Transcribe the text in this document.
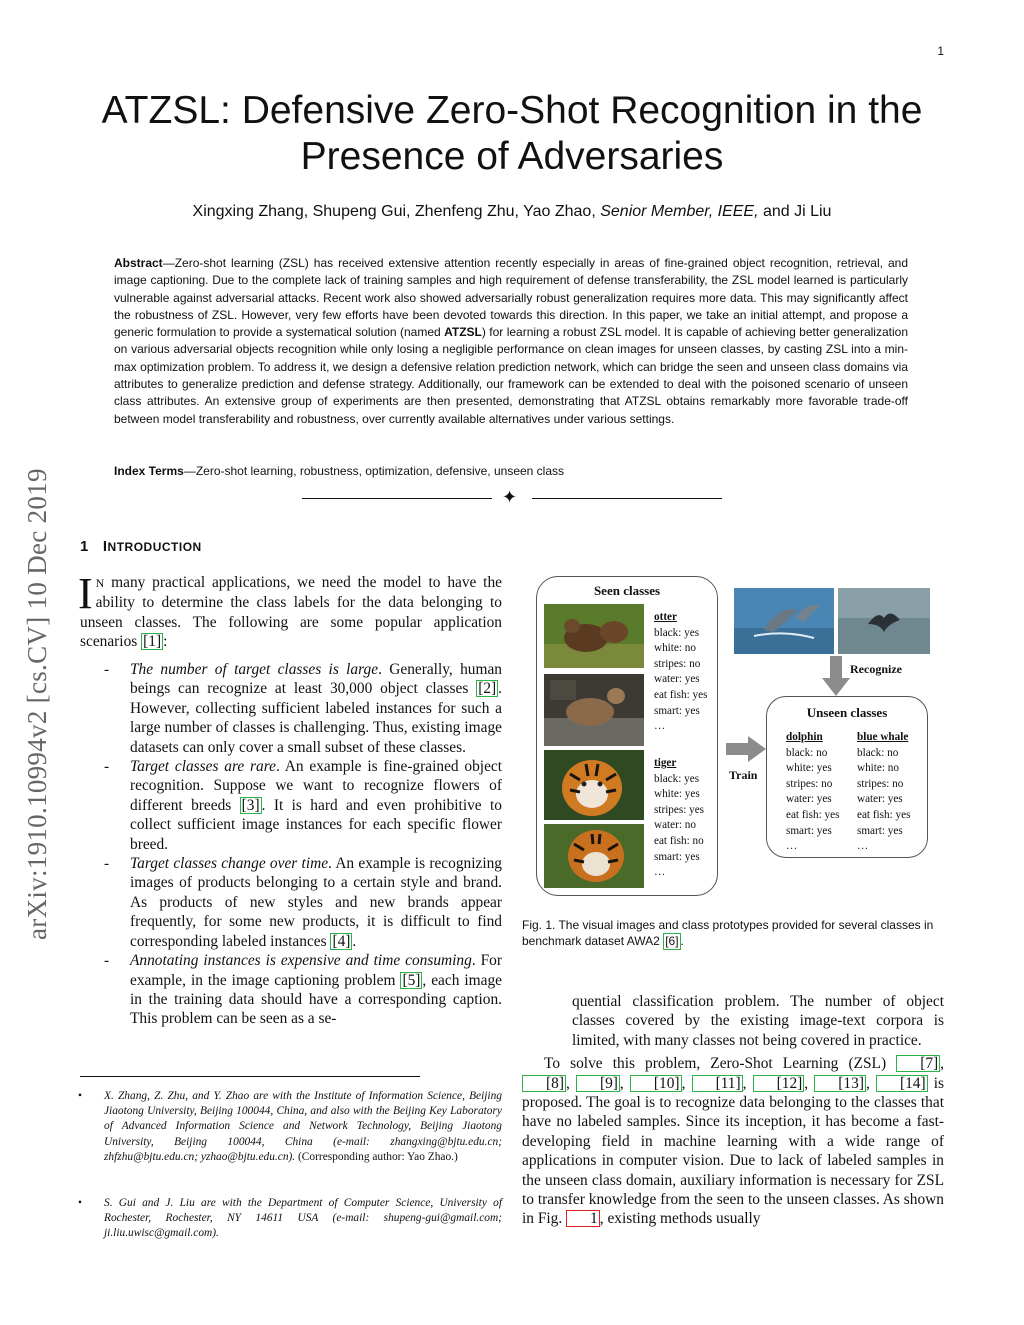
1
arXiv:1910.10994v2 [cs.CV] 10 Dec 2019
ATZSL: Defensive Zero-Shot Recognition in the
Presence of Adversaries
Xingxing Zhang, Shupeng Gui, Zhenfeng Zhu, Yao Zhao, Senior Member, IEEE, and Ji Liu
Abstract—Zero-shot learning (ZSL) has received extensive attention recently especially in areas of fine-grained object recognition, retrieval, and image captioning. Due to the complete lack of training samples and high requirement of defense transferability, the ZSL model learned is particularly vulnerable against adversarial attacks. Recent work also showed adversarially robust generalization requires more data. This may significantly affect the robustness of ZSL. However, very few efforts have been devoted towards this direction. In this paper, we take an initial attempt, and propose a generic formulation to provide a systematical solution (named ATZSL) for learning a robust ZSL model. It is capable of achieving better generalization on various adversarial objects recognition while only losing a negligible performance on clean images for unseen classes, by casting ZSL into a min-max optimization problem. To address it, we design a defensive relation prediction network, which can bridge the seen and unseen class domains via attributes to generalize prediction and defense strategy. Additionally, our framework can be extended to deal with the poisoned scenario of unseen class attributes. An extensive group of experiments are then presented, demonstrating that ATZSL obtains remarkably more favorable trade-off between model transferability and robustness, over currently available alternatives under various settings.
Index Terms—Zero-shot learning, robustness, optimization, defensive, unseen class
✦
1 INTRODUCTION
I N many practical applications, we need the model to have the ability to determine the class labels for the data belonging to unseen classes. The following are some popular application scenarios [1] :
- The number of target classes is large. Generally, human beings can recognize at least 30,000 object classes [2] . However, collecting sufficient labeled instances for such a large number of classes is challenging. Thus, existing image datasets can only cover a small subset of these classes.
- Target classes are rare. An example is fine-grained object recognition. Suppose we want to recognize flowers of different breeds [3] . It is hard and even prohibitive to collect sufficient image instances for each specific flower breed.
- Target classes change over time. An example is recognizing images of products belonging to a certain style and brand. As products of new styles and new brands appear frequently, for some new products, it is difficult to find corresponding labeled instances [4] .
- Annotating instances is expensive and time consuming. For example, in the image captioning problem [5] , each image in the training data should have a corresponding caption. This problem can be seen as a se-
• X. Zhang, Z. Zhu, and Y. Zhao are with the Institute of Information Science, Beijing Jiaotong University, Beijing 100044, China, and also with the Beijing Key Laboratory of Advanced Information Science and Network Technology, Beijing Jiaotong University, Beijing 100044, China (e-mail: zhangxing@bjtu.edu.cn; zhfzhu@bjtu.edu.cn; yzhao@bjtu.edu.cn). (Corresponding author: Yao Zhao.)
• S. Gui and J. Liu are with the Department of Computer Science, University of Rochester, Rochester, NY 14611 USA (e-mail: shupeng-gui@gmail.com; ji.liu.uwisc@gmail.com).
Seen classes
otter
black: yes
white: no
stripes: no
water: yes
eat fish: yes
smart: yes
…
tiger
black: yes
white: yes
stripes: yes
water: no
eat fish: no
smart: yes
…
Recognize
Train
Unseen classes
dolphin
black: no
white: yes
stripes: no
water: yes
eat fish: yes
smart: yes
…
blue whale
black: no
white: no
stripes: no
water: yes
eat fish: yes
smart: yes
…
Fig. 1. The visual images and class prototypes provided for several classes in benchmark dataset AWA2 [6] .

quential classification problem. The number of object classes covered by the existing image-text corpora is limited, with many classes not being covered in practice.

To solve this problem, Zero-Shot Learning (ZSL) [7] , [8] , [9] , [10] , [11] , [12] , [13] , [14] is proposed. The goal is to recognize data belonging to the classes that have no labeled samples. Since its inception, it has become a fast-developing field in machine learning with a wide range of applications in computer vision. Due to lack of labeled samples in the unseen class domain, auxiliary information is necessary for ZSL to transfer knowledge from the seen to the unseen classes. As shown in Fig. 1 , existing methods usually
